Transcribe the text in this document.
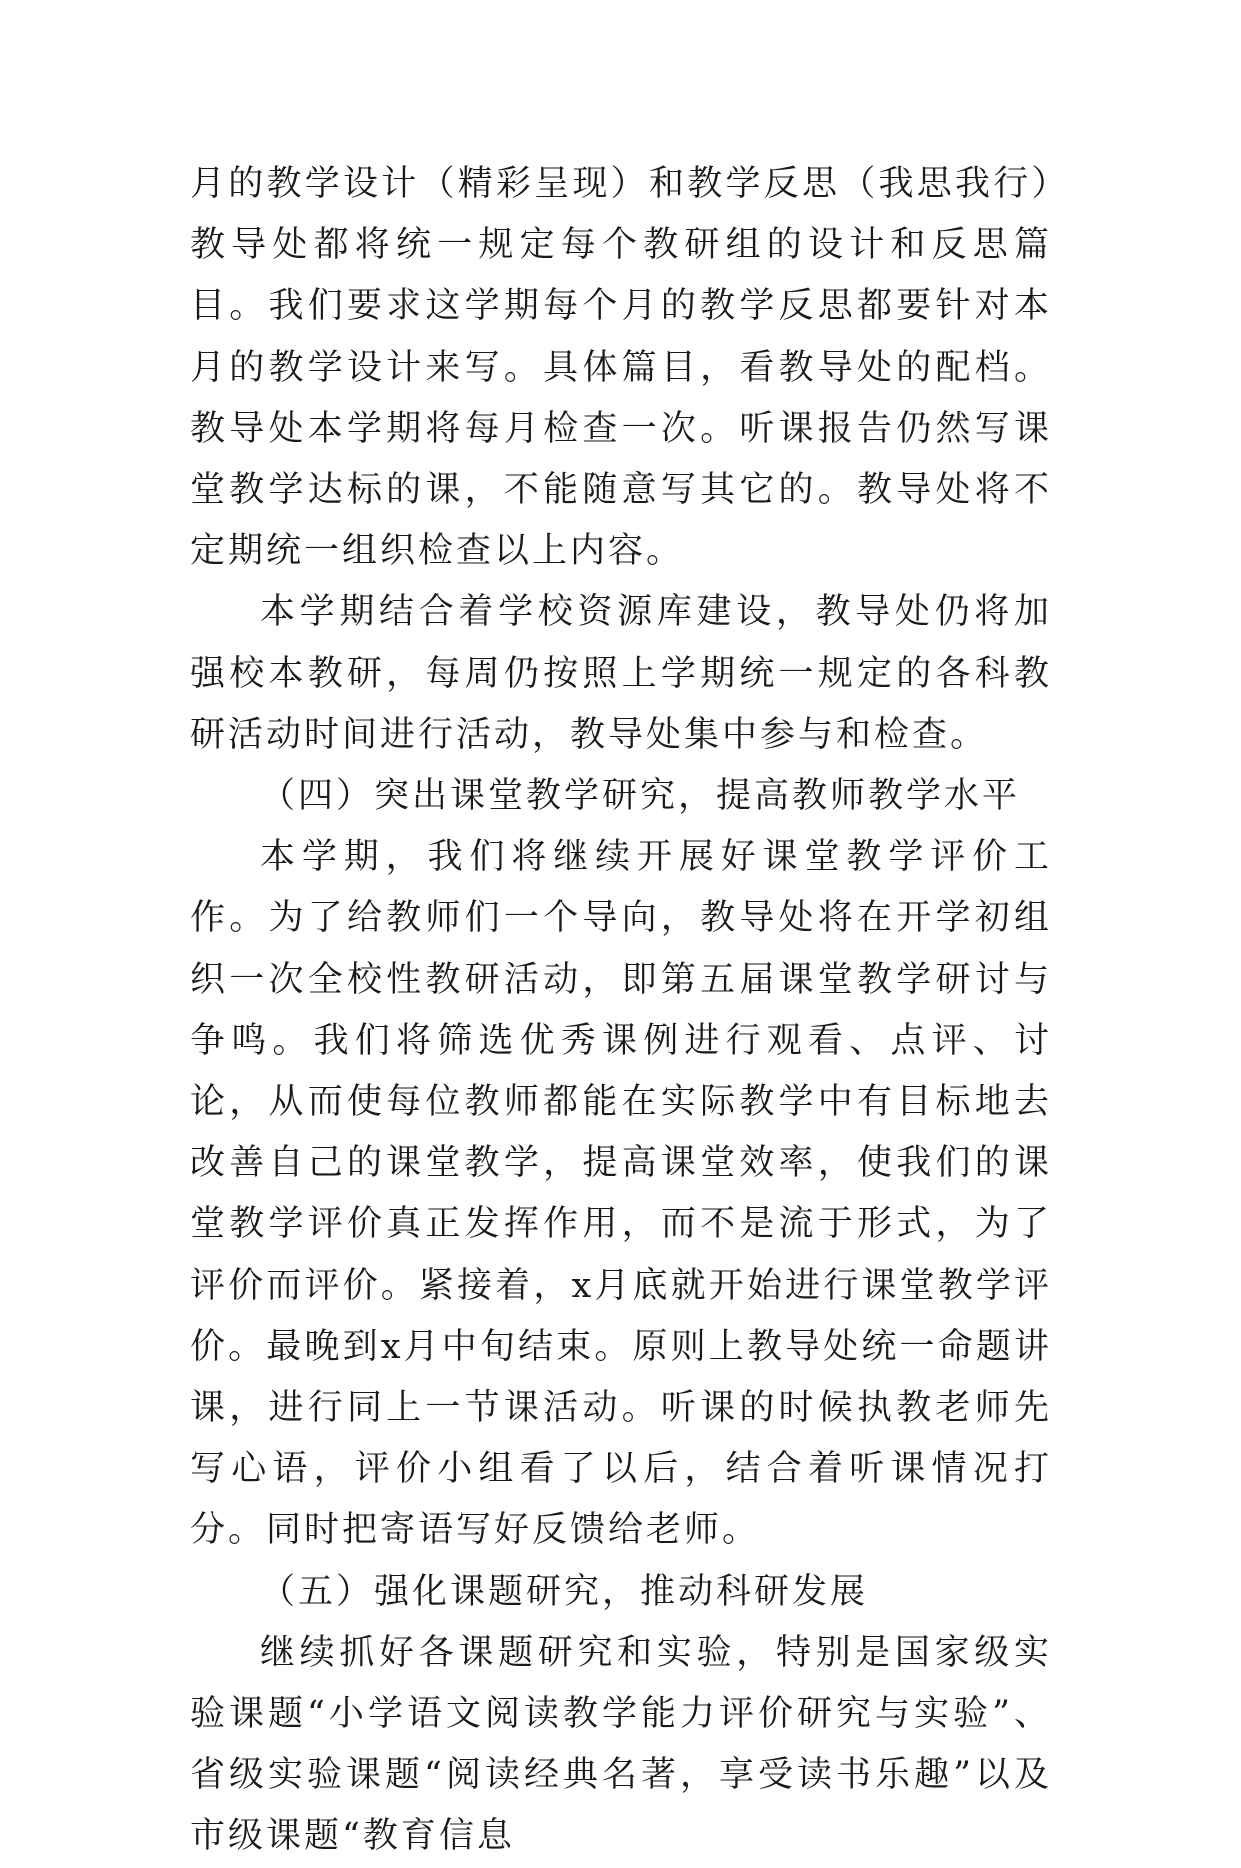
月的教学设计（精彩呈现）和教学反思（我思我行）教导处都将统一规定每个教研组的设计和反思篇目。我们要求这学期每个月的教学反思都要针对本月的教学设计来写。具体篇目，看教导处的配档。教导处本学期将每月检查一次。听课报告仍然写课堂教学达标的课，不能随意写其它的。教导处将不定期统一组织检查以上内容。

本学期结合着学校资源库建设，教导处仍将加强校本教研，每周仍按照上学期统一规定的各科教研活动时间进行活动，教导处集中参与和检查。

（四）突出课堂教学研究，提高教师教学水平

本学期，我们将继续开展好课堂教学评价工作。为了给教师们一个导向，教导处将在开学初组织一次全校性教研活动，即第五届课堂教学研讨与争鸣。我们将筛选优秀课例进行观看、点评、讨论，从而使每位教师都能在实际教学中有目标地去改善自己的课堂教学，提高课堂效率，使我们的课堂教学评价真正发挥作用，而不是流于形式，为了评价而评价。紧接着，x月底就开始进行课堂教学评价。最晚到x月中旬结束。原则上教导处统一命题讲课，进行同上一节课活动。听课的时候执教老师先写心语，评价小组看了以后，结合着听课情况打分。同时把寄语写好反馈给老师。

（五）强化课题研究，推动科研发展

继续抓好各课题研究和实验，特别是国家级实验课题“小学语文阅读教学能力评价研究与实验”、省级实验课题“阅读经典名著，享受读书乐趣”以及市级课题“教育信息
